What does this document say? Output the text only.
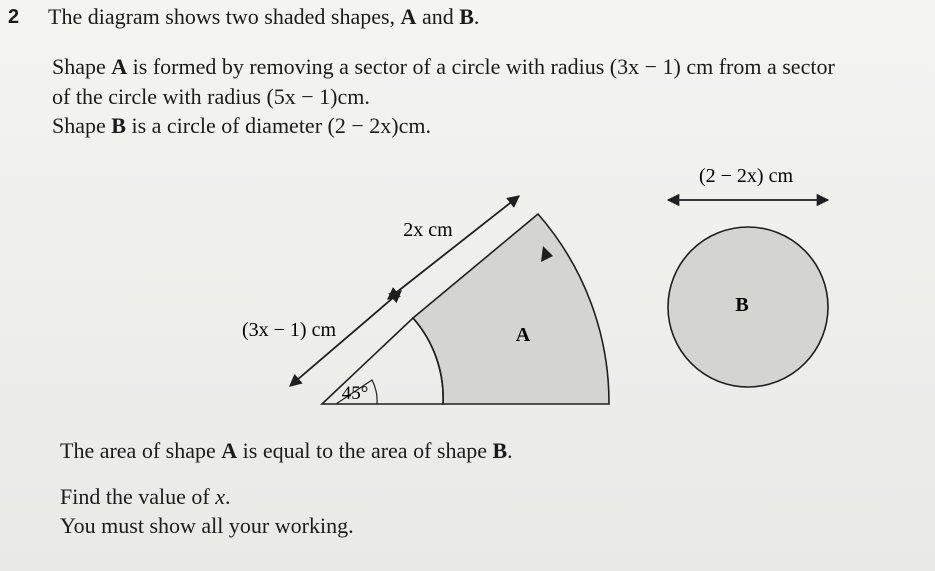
2 The diagram shows two shaded shapes, A and B.
Shape A is formed by removing a sector of a circle with radius (3x − 1) cm from a sector
of the circle with radius (5x − 1)cm.
Shape B is a circle of diameter (2 − 2x)cm.
2x cm
(3x − 1) cm
45°
A
(2 − 2x) cm
B
The area of shape A is equal to the area of shape B.
Find the value of x.
You must show all your working.
